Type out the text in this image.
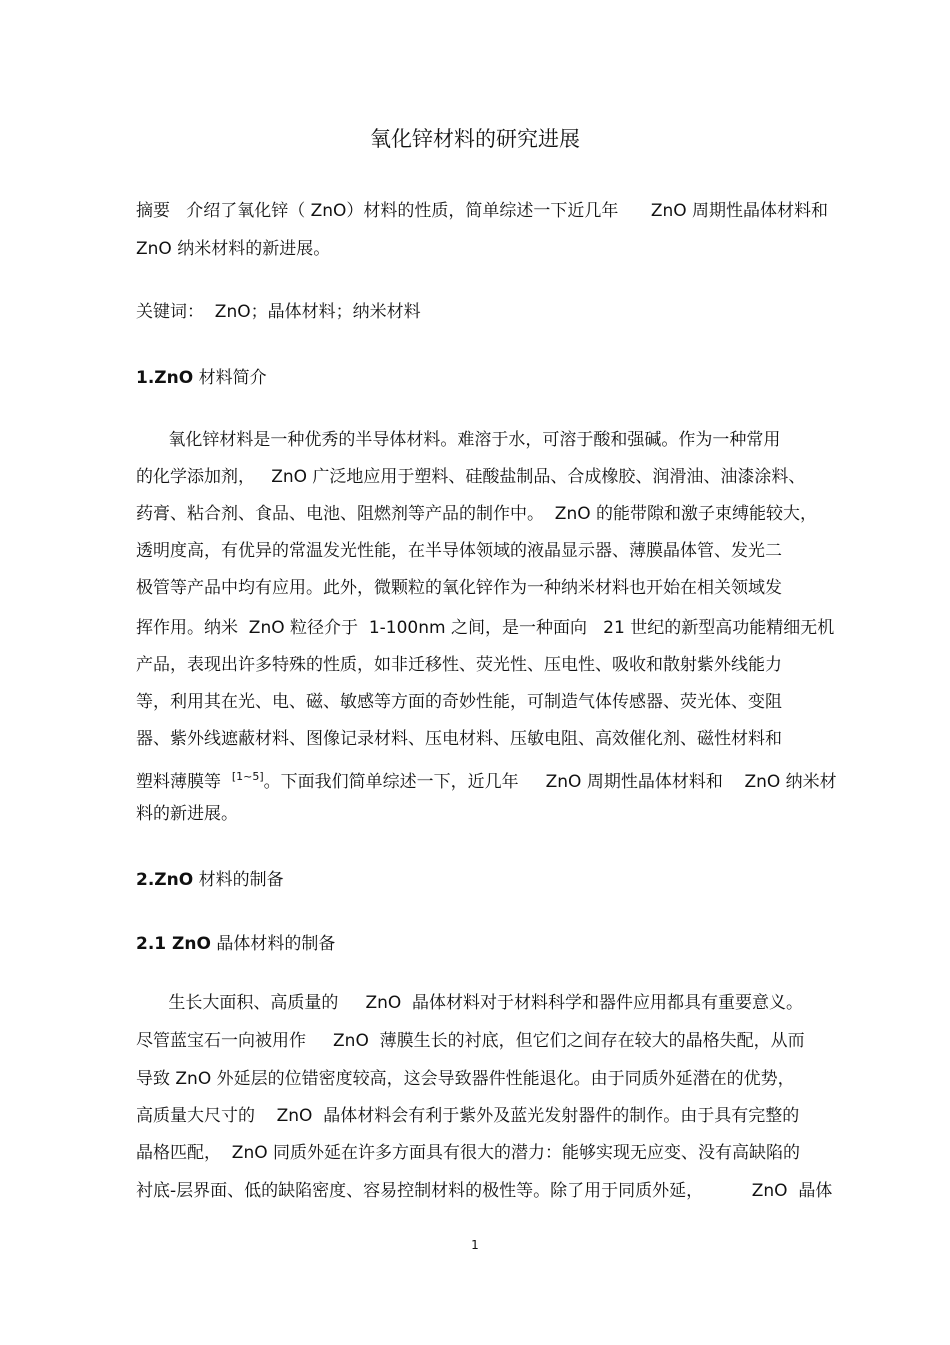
氧化锌材料的研究进展

摘要   介绍了氧化锌（ ZnO）材料的性质，简单综述一下近几年      ZnO 周期性晶体材料和

ZnO 纳米材料的新进展。

关键词：  ZnO；晶体材料；纳米材料

1.ZnO 材料简介

氧化锌材料是一种优秀的半导体材料。难溶于水，可溶于酸和强碱。作为一种常用

的化学添加剂，   ZnO 广泛地应用于塑料、硅酸盐制品、合成橡胶、润滑油、油漆涂料、

药膏、粘合剂、食品、电池、阻燃剂等产品的制作中。  ZnO 的能带隙和激子束缚能较大，

透明度高，有优异的常温发光性能，在半导体领域的液晶显示器、薄膜晶体管、发光二

极管等产品中均有应用。此外，微颗粒的氧化锌作为一种纳米材料也开始在相关领域发

挥作用。纳米  ZnO 粒径介于  1-100nm 之间，是一种面向   21 世纪的新型高功能精细无机

产品，表现出许多特殊的性质，如非迁移性、荧光性、压电性、吸收和散射紫外线能力

等，利用其在光、电、磁、敏感等方面的奇妙性能，可制造气体传感器、荧光体、变阻

器、紫外线遮蔽材料、图像记录材料、压电材料、压敏电阻、高效催化剂、磁性材料和

塑料薄膜等  [1~5]。下面我们简单综述一下，近几年     ZnO 周期性晶体材料和    ZnO 纳米材

料的新进展。

2.ZnO 材料的制备

2.1 ZnO 晶体材料的制备

生长大面积、高质量的     ZnO  晶体材料对于材料科学和器件应用都具有重要意义。

尽管蓝宝石一向被用作     ZnO  薄膜生长的衬底，但它们之间存在较大的晶格失配，从而

导致 ZnO 外延层的位错密度较高，这会导致器件性能退化。由于同质外延潜在的优势，

高质量大尺寸的    ZnO  晶体材料会有利于紫外及蓝光发射器件的制作。由于具有完整的

晶格匹配，  ZnO 同质外延在许多方面具有很大的潜力：能够实现无应变、没有高缺陷的

衬底-层界面、低的缺陷密度、容易控制材料的极性等。除了用于同质外延，         ZnO  晶体

1
